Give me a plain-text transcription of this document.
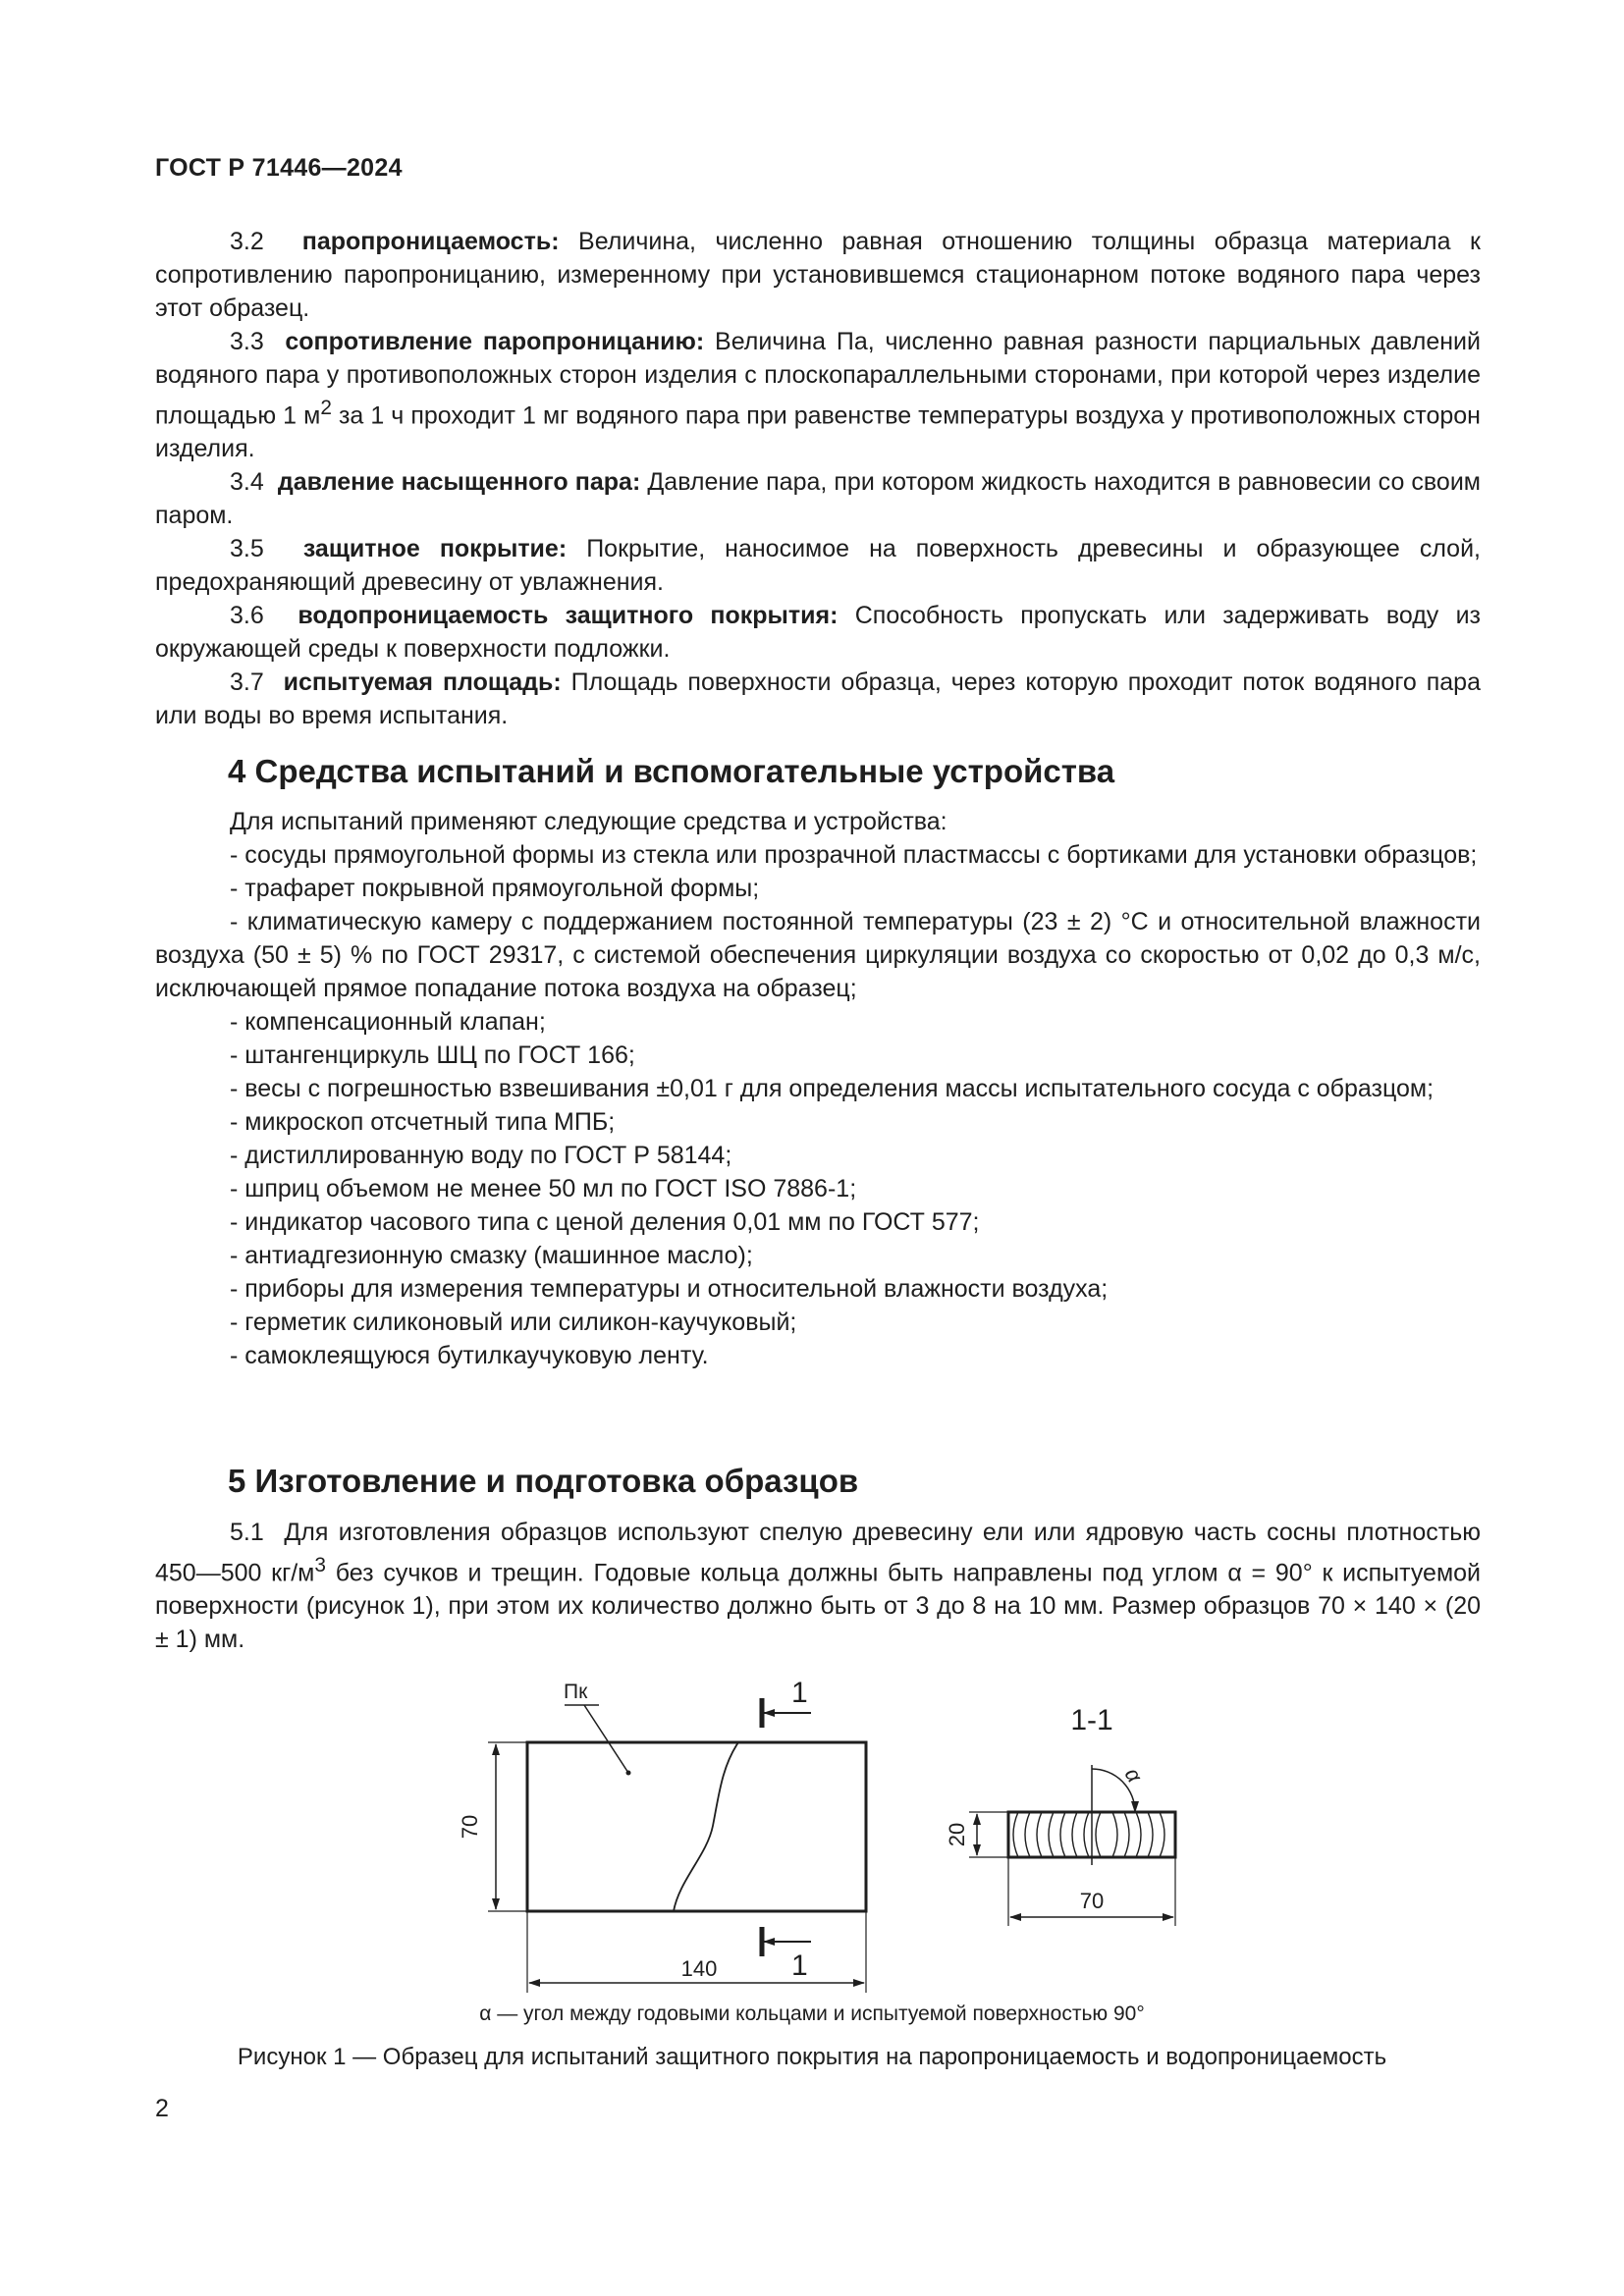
ГОСТ Р 71446—2024

3.2 паропроницаемость: Величина, численно равная отношению толщины образца материала к сопротивлению паропроницанию, измеренному при установившемся стационарном потоке водяного пара через этот образец.

3.3 сопротивление паропроницанию: Величина Па, численно равная разности парциальных давлений водяного пара у противоположных сторон изделия с плоскопараллельными сторонами, при которой через изделие площадью 1 $м^2$ за 1 ч проходит 1 мг водяного пара при равенстве температуры воздуха у противоположных сторон изделия.

3.4 давление насыщенного пара: Давление пара, при котором жидкость находится в равновесии со своим паром.

3.5 защитное покрытие: Покрытие, наносимое на поверхность древесины и образующее слой, предохраняющий древесину от увлажнения.

3.6 водопроницаемость защитного покрытия: Способность пропускать или задерживать воду из окружающей среды к поверхности подложки.

3.7 испытуемая площадь: Площадь поверхности образца, через которую проходит поток водяного пара или воды во время испытания.

4 Средства испытаний и вспомогательные устройства

Для испытаний применяют следующие средства и устройства:

- сосуды прямоугольной формы из стекла или прозрачной пластмассы с бортиками для установки образцов;
- трафарет покрывной прямоугольной формы;
- климатическую камеру с поддержанием постоянной температуры (23 ± 2) °С и относительной влажности воздуха (50 ± 5) % по ГОСТ 29317, с системой обеспечения циркуляции воздуха со скоростью от 0,02 до 0,3 м/с, исключающей прямое попадание потока воздуха на образец;
- компенсационный клапан;
- штангенциркуль ШЦ по ГОСТ 166;
- весы с погрешностью взвешивания ±0,01 г для определения массы испытательного сосуда с образцом;
- микроскоп отсчетный типа МПБ;
- дистиллированную воду по ГОСТ Р 58144;
- шприц объемом не менее 50 мл по ГОСТ ISO 7886-1;
- индикатор часового типа с ценой деления 0,01 мм по ГОСТ 577;
- антиадгезионную смазку (машинное масло);
- приборы для измерения температуры и относительной влажности воздуха;
- герметик силиконовый или силикон-каучуковый;
- самоклеящуюся бутилкаучуковую ленту.
5 Изготовление и подготовка образцов

5.1 Для изготовления образцов используют спелую древесину ели или ядровую часть сосны плотностью 450—500 $кг/м^3$ без сучков и трещин. Годовые кольца должны быть направлены под углом α = 90° к испытуемой поверхности (рисунок 1), при этом их количество должно быть от 3 до 8 на 10 мм. Размер образцов 70 × 140 × (20 ± 1) мм.

Пк	1
1
70
140
1-1
α
20
70
α — угол между годовыми кольцами и испытуемой поверхностью 90°
Рисунок 1 — Образец для испытаний защитного покрытия на паропроницаемость и водопроницаемость
2
